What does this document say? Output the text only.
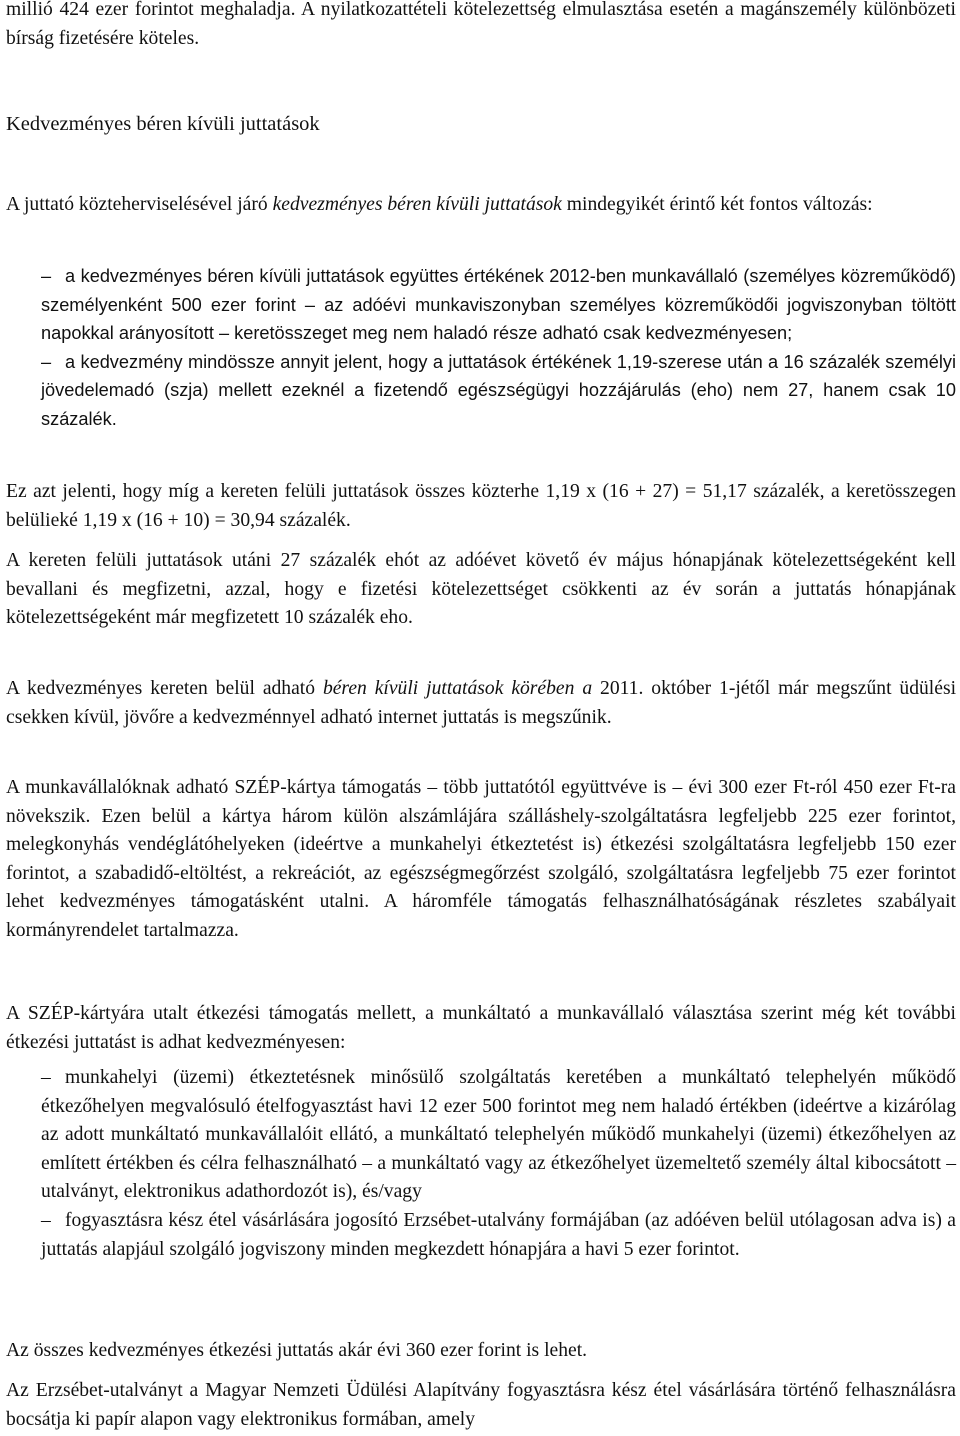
millió 424 ezer forintot meghaladja. A nyilatkozattételi kötelezettség elmulasztása esetén a magánszemély különbözeti bírság fizetésére köteles.

Kedvezményes béren kívüli juttatások

A juttató közteherviselésével járó kedvezményes béren kívüli juttatások mindegyikét érintő két fontos változás:

– a kedvezményes béren kívüli juttatások együttes értékének 2012-ben munkavállaló (személyes közreműködő) személyenként 500 ezer forint – az adóévi munkaviszonyban személyes közreműködői jogviszonyban töltött napokkal arányosított – keretösszeget meg nem haladó része adható csak kedvezményesen;
– a kedvezmény mindössze annyit jelent, hogy a juttatások értékének 1,19-szerese után a 16 százalék személyi jövedelemadó (szja) mellett ezeknél a fizetendő egészségügyi hozzájárulás (eho) nem 27, hanem csak 10 százalék.

Ez azt jelenti, hogy míg a kereten felüli juttatások összes közterhe 1,19 x (16 + 27) = 51,17 százalék, a keretösszegen belülieké 1,19 x (16 + 10) = 30,94 százalék.

A kereten felüli juttatások utáni 27 százalék ehót az adóévet követő év május hónapjának kötelezettségeként kell bevallani és megfizetni, azzal, hogy e fizetési kötelezettséget csökkenti az év során a juttatás hónapjának kötelezettségeként már megfizetett 10 százalék eho.

A kedvezményes kereten belül adható béren kívüli juttatások körében a 2011. október 1-jétől már megszűnt üdülési csekken kívül, jövőre a kedvezménnyel adható internet juttatás is megszűnik.

A munkavállalóknak adható SZÉP-kártya támogatás – több juttatótól együttvéve is – évi 300 ezer Ft-ról 450 ezer Ft-ra növekszik. Ezen belül a kártya három külön alszámlájára szálláshely-szolgáltatásra legfeljebb 225 ezer forintot, melegkonyhás vendéglátóhelyeken (ideértve a munkahelyi étkeztetést is) étkezési szolgáltatásra legfeljebb 150 ezer forintot, a szabadidő-eltöltést, a rekreációt, az egészségmegőrzést szolgáló, szolgáltatásra legfeljebb 75 ezer forintot lehet kedvezményes támogatásként utalni. A háromféle támogatás felhasználhatóságának részletes szabályait kormányrendelet tartalmazza.

A SZÉP-kártyára utalt étkezési támogatás mellett, a munkáltató a munkavállaló választása szerint még két további étkezési juttatást is adhat kedvezményesen:

– munkahelyi (üzemi) étkeztetésnek minősülő szolgáltatás keretében a munkáltató telephelyén működő étkezőhelyen megvalósuló ételfogyasztást havi 12 ezer 500 forintot meg nem haladó értékben (ideértve a kizárólag az adott munkáltató munkavállalóit ellátó, a munkáltató telephelyén működő munkahelyi (üzemi) étkezőhelyen az említett értékben és célra felhasználható – a munkáltató vagy az étkezőhelyet üzemeltető személy által kibocsátott – utalványt, elektronikus adathordozót is), és/vagy
– fogyasztásra kész étel vásárlására jogosító Erzsébet-utalvány formájában (az adóéven belül utólagosan adva is) a juttatás alapjául szolgáló jogviszony minden megkezdett hónapjára a havi 5 ezer forintot.

Az összes kedvezményes étkezési juttatás akár évi 360 ezer forint is lehet.

Az Erzsébet-utalványt a Magyar Nemzeti Üdülési Alapítvány fogyasztásra kész étel vásárlására történő felhasználásra bocsátja ki papír alapon vagy elektronikus formában, amely
